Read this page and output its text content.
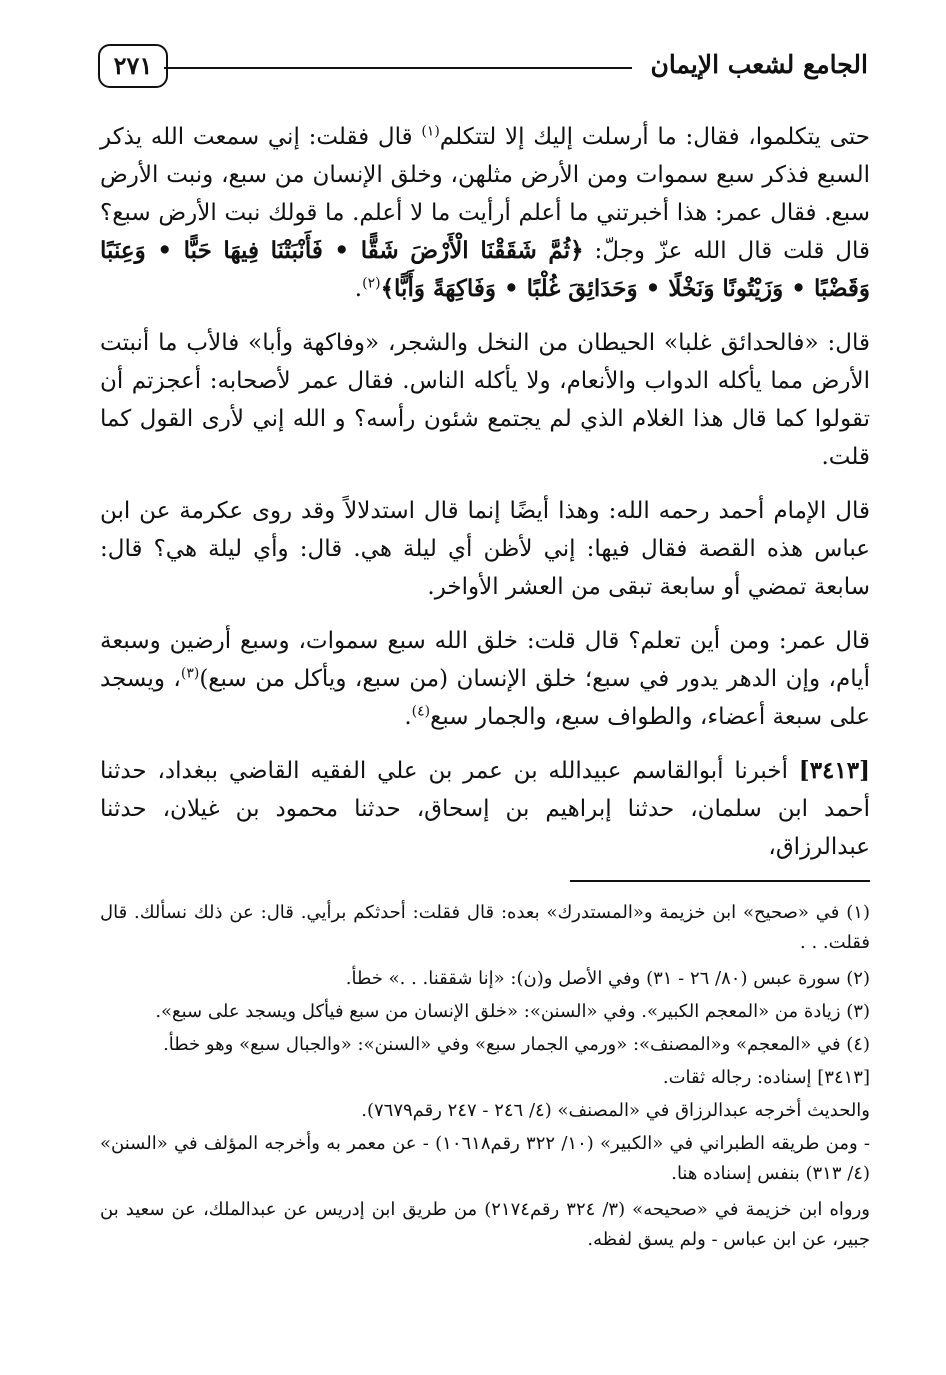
الجامع لشعب الإيمان
٢٧١

حتى يتكلموا، فقال: ما أرسلت إليك إلا لتتكلم$^{(١)}$ قال فقلت: إني سمعت الله يذكر السبع فذكر سبع سموات ومن الأرض مثلهن، وخلق الإنسان من سبع، ونبت الأرض سبع. فقال عمر: هذا أخبرتني ما أعلم أرأيت ما لا أعلم. ما قولك نبت الأرض سبع؟ قال قلت قال الله عزّ وجلّ: ﴿ثُمَّ شَقَقْنَا الْأَرْضَ شَقًّا • فَأَنْبَتْنَا فِيهَا حَبًّا • وَعِنَبًا وَقَضْبًا • وَزَيْتُونًا وَنَخْلًا • وَحَدَائِقَ غُلْبًا • وَفَاكِهَةً وَأَبًّا﴾$^{(٢)}$.

قال: «فالحدائق غلبا» الحيطان من النخل والشجر، «وفاكهة وأبا» فالأب ما أنبتت الأرض مما يأكله الدواب والأنعام، ولا يأكله الناس. فقال عمر لأصحابه: أعجزتم أن تقولوا كما قال هذا الغلام الذي لم يجتمع شئون رأسه؟ و الله إني لأرى القول كما قلت.

قال الإمام أحمد رحمه الله: وهذا أيضًا إنما قال استدلالاً وقد روى عكرمة عن ابن عباس هذه القصة فقال فيها: إني لأظن أي ليلة هي. قال: وأي ليلة هي؟ قال: سابعة تمضي أو سابعة تبقى من العشر الأواخر.

قال عمر: ومن أين تعلم؟ قال قلت: خلق الله سبع سموات، وسبع أرضين وسبعة أيام، وإن الدهر يدور في سبع؛ خلق الإنسان (من سبع، ويأكل من سبع)$^{(٣)}$، ويسجد على سبعة أعضاء، والطواف سبع، والجمار سبع$^{(٤)}$.

[٣٤١٣] أخبرنا أبوالقاسم عبيدالله بن عمر بن علي الفقيه القاضي ببغداد، حدثنا أحمد ابن سلمان، حدثنا إبراهيم بن إسحاق، حدثنا محمود بن غيلان، حدثنا عبدالرزاق،

(١) في «صحيح» ابن خزيمة و«المستدرك» بعده: قال فقلت: أحدثكم برأيي. قال: عن ذلك نسألك. قال فقلت. . .

(٢) سورة عبس (٨٠/ ٢٦ - ٣١) وفي الأصل و(ن): «إنا شققنا. . .» خطأ.

(٣) زيادة من «المعجم الكبير». وفي «السنن»: «خلق الإنسان من سبع فيأكل ويسجد على سبع».

(٤) في «المعجم» و«المصنف»: «ورمي الجمار سبع» وفي «السنن»: «والجبال سبع» وهو خطأ.

[٣٤١٣] إسناده: رجاله ثقات.

والحديث أخرجه عبدالرزاق في «المصنف» (٤/ ٢٤٦ - ٢٤٧ رقم٧٦٧٩).

- ومن طريقه الطبراني في «الكبير» (١٠/ ٣٢٢ رقم١٠٦١٨) - عن معمر به وأخرجه المؤلف في «السنن» (٤/ ٣١٣) بنفس إسناده هنا.

ورواه ابن خزيمة في «صحيحه» (٣/ ٣٢٤ رقم٢١٧٤) من طريق ابن إدريس عن عبدالملك، عن سعيد بن جبير، عن ابن عباس - ولم يسق لفظه.
